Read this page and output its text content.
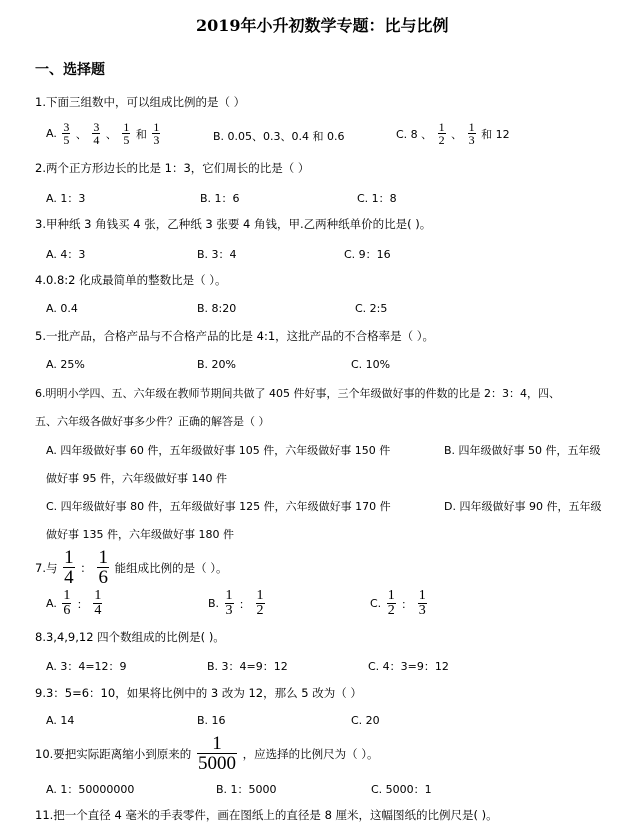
2019年小升初数学专题：比与比例
一、选择题
1.下面三组数中，可以组成比例的是（ ）
A. $\frac{3}{5}$ 、 $\frac{3}{4}$ 、 $\frac{1}{5}$ 和 $\frac{1}{3}$	B. 0.05、0.3、0.4 和 0.6	C. 8 、 $\frac{1}{2}$ 、 $\frac{1}{3}$ 和 12
2.两个正方形边长的比是 1：3，它们周长的比是（ ）
A. 1：3	B. 1：6	C. 1：8
3.甲种纸 3 角钱买 4 张，乙种纸 3 张要 4 角钱，甲.乙两种纸单价的比是( )。
A. 4：3	B. 3：4	C. 9：16
4.0.8:2 化成最简单的整数比是（ ）。
A. 0.4	B. 8:20	C. 2:5
5.一批产品，合格产品与不合格产品的比是 4:1，这批产品的不合格率是（ ）。
A. 25%	B. 20%	C. 10%
6.明明小学四、五、六年级在教师节期间共做了 405 件好事，三个年级做好事的件数的比是 2：3：4，四、
五、六年级各做好事多少件？正确的解答是（ ）
A. 四年级做好事 60 件，五年级做好事 105 件，六年级做好事 150 件	B. 四年级做好事 50 件，五年级
做好事 95 件，六年级做好事 140 件
C. 四年级做好事 80 件，五年级做好事 125 件，六年级做好事 170 件	D. 四年级做好事 90 件，五年级
做好事 135 件，六年级做好事 180 件
7.与 $\frac{1}{4}$ ： $\frac{1}{6}$ 能组成比例的是（ ）。
A. $\frac{1}{6}$ ： $\frac{1}{4}$	B. $\frac{1}{3}$ ： $\frac{1}{2}$	C. $\frac{1}{2}$ ： $\frac{1}{3}$
8.3,4,9,12 四个数组成的比例是( )。
A. 3：4=12：9	B. 3：4=9：12	C. 4：3=9：12
9.3：5=6：10，如果将比例中的 3 改为 12，那么 5 改为（ ）
A. 14	B. 16	C. 20
10.要把实际距离缩小到原来的 $\frac{1}{5000}$ ，应选择的比例尺为（ ）。
A. 1：50000000	B. 1：5000	C. 5000：1
11.把一个直径 4 毫米的手表零件，画在图纸上的直径是 8 厘米，这幅图纸的比例尺是( )。
